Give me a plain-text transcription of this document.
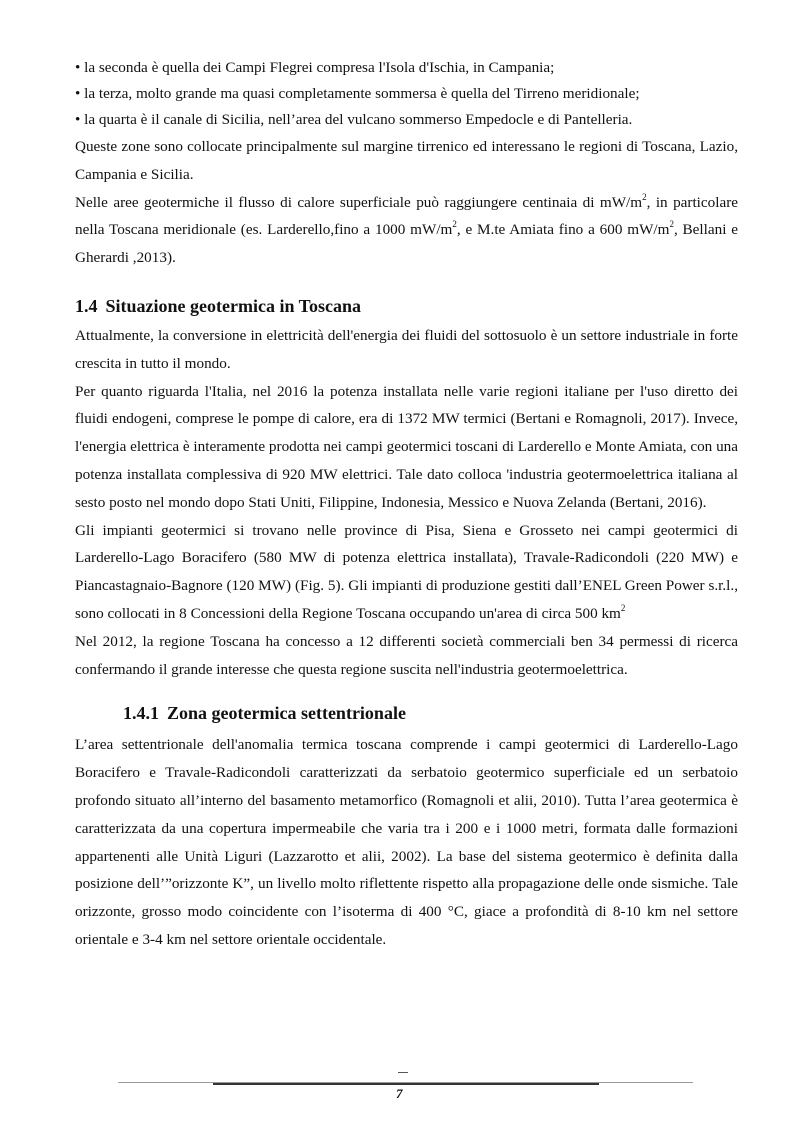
• la seconda è quella dei Campi Flegrei compresa l'Isola d'Ischia, in Campania;
• la terza, molto grande ma quasi completamente sommersa è quella del Tirreno meridionale;
• la quarta è il canale di Sicilia, nell’area del vulcano sommerso Empedocle e di Pantelleria.
Queste zone sono collocate principalmente sul margine tirrenico ed interessano le regioni di Toscana, Lazio, Campania e Sicilia.
Nelle aree geotermiche il flusso di calore superficiale può raggiungere centinaia di $mW/m^2$, in particolare nella Toscana meridionale (es. Larderello,fino a 1000 $mW/m^2$, e M.te Amiata fino a 600 $mW/m^2$, Bellani e Gherardi ,2013).
1.4 Situazione geotermica in Toscana
Attualmente, la conversione in elettricità dell'energia dei fluidi del sottosuolo è un settore industriale in forte crescita in tutto il mondo.
Per quanto riguarda l'Italia, nel 2016 la potenza installata nelle varie regioni italiane per l'uso diretto dei fluidi endogeni, comprese le pompe di calore, era di 1372 MW termici (Bertani e Romagnoli, 2017). Invece, l'energia elettrica è interamente prodotta nei campi geotermici toscani di Larderello e Monte Amiata, con una potenza installata complessiva di 920 MW elettrici. Tale dato colloca 'industria geotermoelettrica italiana al sesto posto nel mondo dopo Stati Uniti, Filippine, Indonesia, Messico e Nuova Zelanda (Bertani, 2016).
Gli impianti geotermici si trovano nelle province di Pisa, Siena e Grosseto nei campi geotermici di Larderello-Lago Boracifero (580 MW di potenza elettrica installata), Travale-Radicondoli (220 MW) e Piancastagnaio-Bagnore (120 MW) (Fig. 5). Gli impianti di produzione gestiti dall’ENEL Green Power s.r.l., sono collocati in 8 Concessioni della Regione Toscana occupando un'area di circa 500 $km^2$
Nel 2012, la regione Toscana ha concesso a 12 differenti società commerciali ben 34 permessi di ricerca confermando il grande interesse che questa regione suscita nell'industria geotermoelettrica.
1.4.1 Zona geotermica settentrionale
L’area settentrionale dell'anomalia termica toscana comprende i campi geotermici di Larderello-Lago Boracifero e Travale-Radicondoli caratterizzati da serbatoio geotermico superficiale ed un serbatoio profondo situato all’interno del basamento metamorfico (Romagnoli et alii, 2010). Tutta l’area geotermica è caratterizzata da una copertura impermeabile che varia tra i 200 e i 1000 metri, formata dalle formazioni appartenenti alle Unità Liguri (Lazzarotto et alii, 2002). La base del sistema geotermico è definita dalla posizione dell’”orizzonte K”, un livello molto riflettente rispetto alla propagazione delle onde sismiche. Tale orizzonte, grosso modo coincidente con l’isoterma di 400 °C, giace a profondità di 8-10 km nel settore orientale e 3-4 km nel settore orientale occidentale.
7
